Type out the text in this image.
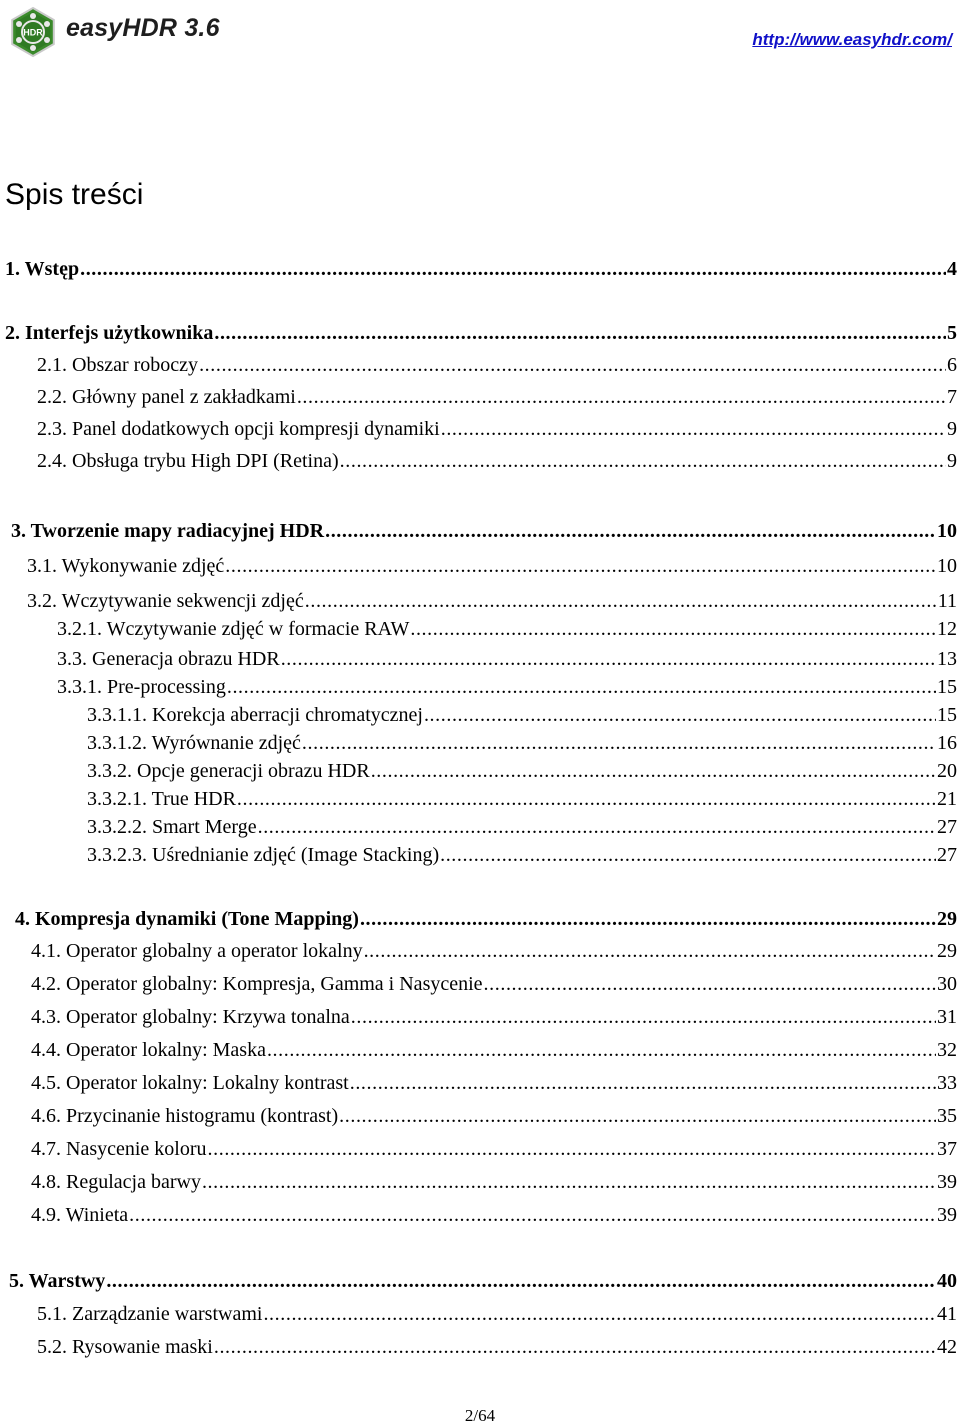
HDR easyHDR 3.6	http://www.easyhdr.com/
Spis treści
1. Wstęp .....	4
2. Interfejs użytkownika .....	5
2.1. Obszar roboczy .....	6
2.2. Główny panel z zakładkami .....	7
2.3. Panel dodatkowych opcji kompresji dynamiki .....	9
2.4. Obsługa trybu High DPI (Retina) .....	9
3. Tworzenie mapy radiacyjnej HDR .....	10
3.1. Wykonywanie zdjęć .....	10
3.2. Wczytywanie sekwencji zdjęć .....	11
3.2.1. Wczytywanie zdjęć w formacie RAW .....	12
3.3. Generacja obrazu HDR .....	13
3.3.1. Pre-processing .....	15
3.3.1.1. Korekcja aberracji chromatycznej .....	15
3.3.1.2. Wyrównanie zdjęć .....	16
3.3.2. Opcje generacji obrazu HDR .....	20
3.3.2.1. True HDR .....	21
3.3.2.2. Smart Merge .....	27
3.3.2.3. Uśrednianie zdjęć (Image Stacking) .....	27
4. Kompresja dynamiki (Tone Mapping) .....	29
4.1. Operator globalny a operator lokalny .....	29
4.2. Operator globalny: Kompresja, Gamma i Nasycenie .....	30
4.3. Operator globalny: Krzywa tonalna .....	31
4.4. Operator lokalny: Maska .....	32
4.5. Operator lokalny: Lokalny kontrast .....	33
4.6. Przycinanie histogramu (kontrast) .....	35
4.7. Nasycenie koloru .....	37
4.8. Regulacja barwy .....	39
4.9. Winieta .....	39
5. Warstwy .....	40
5.1. Zarządzanie warstwami .....	41
5.2. Rysowanie maski .....	42
2/64
